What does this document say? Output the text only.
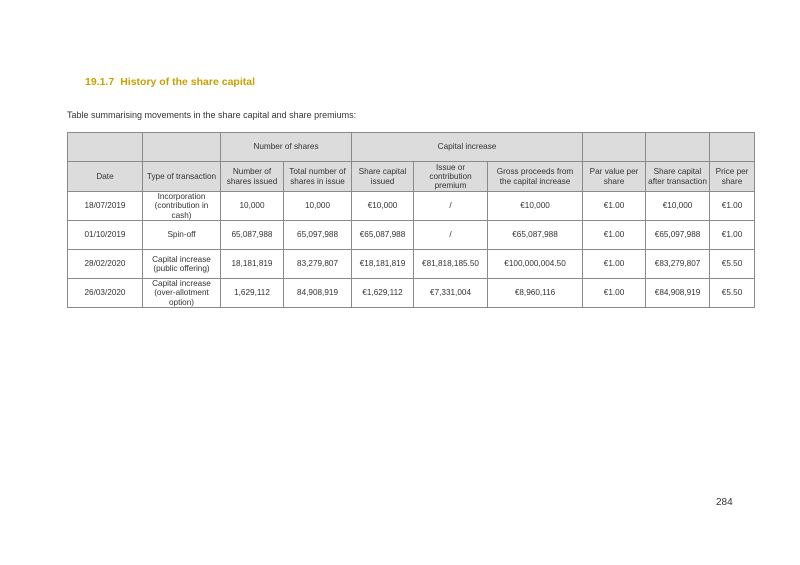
19.1.7 History of the share capital
Table summarising movements in the share capital and share premiums:
		Number of shares		Capital increase					
Date	Type of transaction	Number of shares issued	Total number of shares in issue	Share capital issued	Issue or contribution premium	Gross proceeds from the capital increase	Par value per share	Share capital after transaction	Price per share
18/07/2019	Incorporation (contribution in cash)	10,000	10,000	€10,000	/	€10,000	€1.00	€10,000	€1.00
01/10/2019	Spin-off	65,087,988	65,097,988	€65,087,988	/	€65,087,988	€1.00	€65,097,988	€1.00
28/02/2020	Capital increase (public offering)	18,181,819	83,279,807	€18,181,819	€81,818,185.50	€100,000,004.50	€1.00	€83,279,807	€5.50
26/03/2020	Capital increase (over-allotment option)	1,629,112	84,908,919	€1,629,112	€7,331,004	€8,960,116	€1.00	€84,908,919	€5.50
284
